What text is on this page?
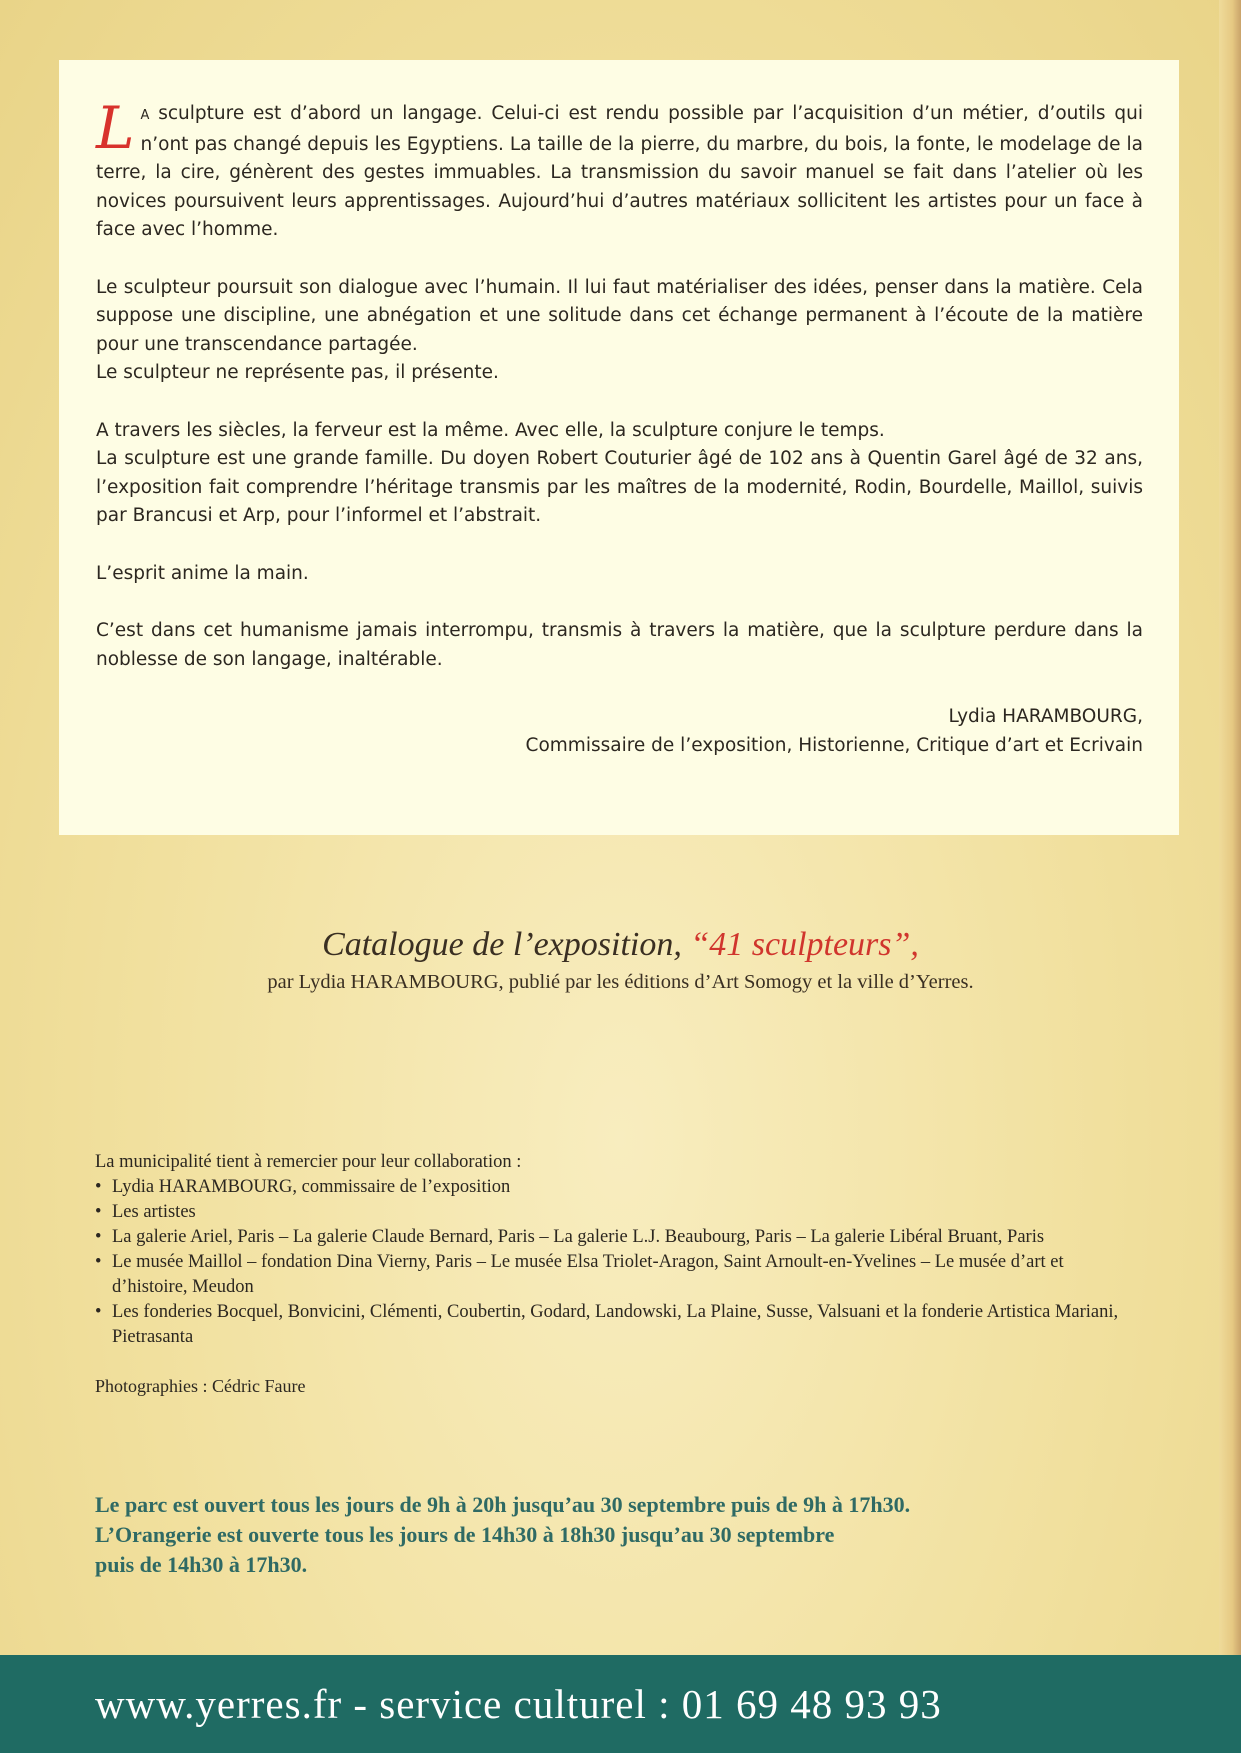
L A sculpture est d’abord un langage. Celui-ci est rendu possible par l’acquisition d’un métier, d’outils qui n’ont pas changé depuis les Egyptiens. La taille de la pierre, du marbre, du bois, la fonte, le modelage de la terre, la cire, génèrent des gestes immuables. La transmission du savoir manuel se fait dans l’atelier où les novices poursuivent leurs apprentissages. Aujourd’hui d’autres matériaux sollicitent les artistes pour un face à face avec l’homme.

Le sculpteur poursuit son dialogue avec l’humain. Il lui faut matérialiser des idées, penser dans la matière. Cela suppose une discipline, une abnégation et une solitude dans cet échange permanent à l’écoute de la matière pour une transcendance partagée.
Le sculpteur ne représente pas, il présente.

A travers les siècles, la ferveur est la même. Avec elle, la sculpture conjure le temps.
La sculpture est une grande famille. Du doyen Robert Couturier âgé de 102 ans à Quentin Garel âgé de 32 ans, l’exposition fait comprendre l’héritage transmis par les maîtres de la modernité, Rodin, Bourdelle, Maillol, suivis par Brancusi et Arp, pour l’informel et l’abstrait.

L’esprit anime la main.

C’est dans cet humanisme jamais interrompu, transmis à travers la matière, que la sculpture perdure dans la noblesse de son langage, inaltérable.

Lydia HARAMBOURG,
Commissaire de l’exposition, Historienne, Critique d’art et Ecrivain
Catalogue de l’exposition, “41 sculpteurs”,
par Lydia HARAMBOURG, publié par les éditions d’Art Somogy et la ville d’Yerres.
La municipalité tient à remercier pour leur collaboration :
• Lydia HARAMBOURG, commissaire de l’exposition
• Les artistes
• La galerie Ariel, Paris – La galerie Claude Bernard, Paris – La galerie L.J. Beaubourg, Paris – La galerie Libéral Bruant, Paris
• Le musée Maillol – fondation Dina Vierny, Paris – Le musée Elsa Triolet-Aragon, Saint Arnoult-en-Yvelines – Le musée d’art et d’histoire, Meudon
• Les fonderies Bocquel, Bonvicini, Clémenti, Coubertin, Godard, Landowski, La Plaine, Susse, Valsuani et la fonderie Artistica Mariani, Pietrasanta
Photographies : Cédric Faure
Le parc est ouvert tous les jours de 9h à 20h jusqu’au 30 septembre puis de 9h à 17h30.
L’Orangerie est ouverte tous les jours de 14h30 à 18h30 jusqu’au 30 septembre
puis de 14h30 à 17h30.
www.yerres.fr - service culturel : 01 69 48 93 93
